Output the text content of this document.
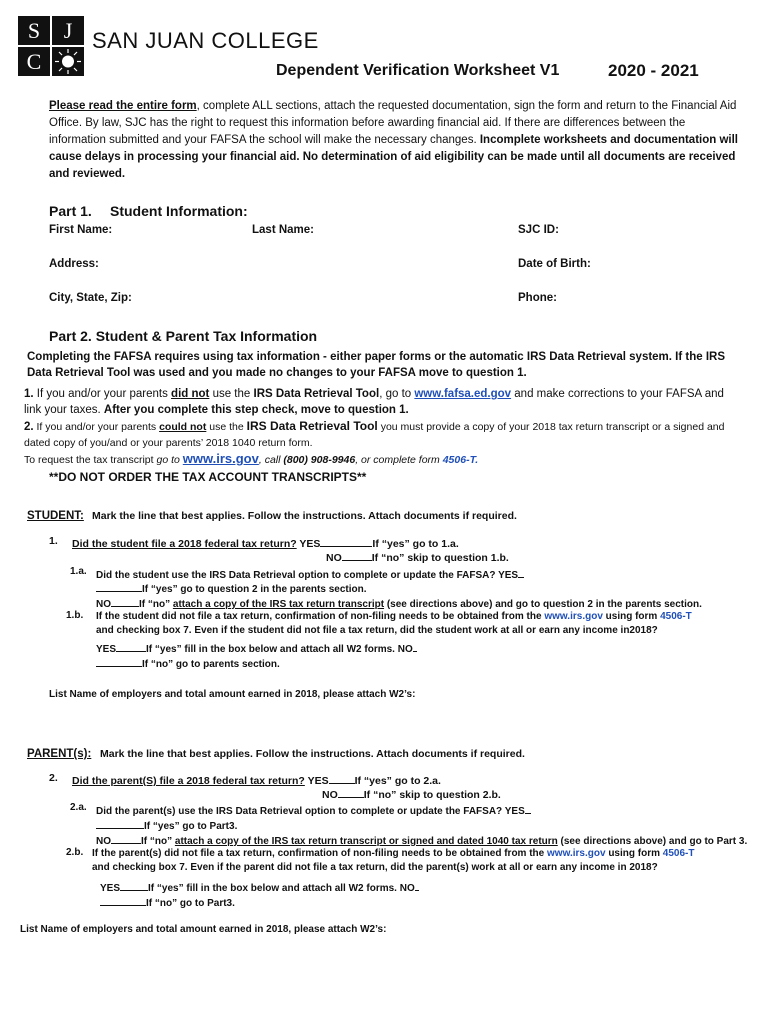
S	J
C
SAN JUAN COLLEGE
Dependent Verification Worksheet V1	2020 - 2021
Please read the entire form, complete ALL sections, attach the requested documentation, sign the form and return to the Financial Aid Office. By law, SJC has the right to request this information before awarding financial aid. If there are differences between the information submitted and your FAFSA the school will make the necessary changes. Incomplete worksheets and documentation will cause delays in processing your financial aid. No determination of aid eligibility can be made until all documents are received and reviewed.
Part 1. Student Information:
First Name:	Last Name:	SJC ID:
Address:	Date of Birth:
City, State, Zip:	Phone:
Part 2. Student & Parent Tax Information
Completing the FAFSA requires using tax information - either paper forms or the automatic IRS Data Retrieval system. If the IRS Data Retrieval Tool was used and you made no changes to your FAFSA move to question 1.
1. If you and/or your parents did not use the IRS Data Retrieval Tool, go to www.fafsa.ed.gov and make corrections to your FAFSA and link your taxes. After you complete this step check, move to question 1.
2. If you and/or your parents could not use the IRS Data Retrieval Tool you must provide a copy of your 2018 tax return transcript or a signed and dated copy of you/and or your parents’ 2018 1040 return form.
To request the tax transcript go to www.irs.gov, call (800) 908-9946, or complete form 4506-T.
**DO NOT ORDER THE TAX ACCOUNT TRANSCRIPTS**
STUDENT: Mark the line that best applies. Follow the instructions. Attach documents if required.
1. Did the student file a 2018 federal tax return? YES	If “yes” go to 1.a.
NO	If “no” skip to question 1.b.
1.a. Did the student use the IRS Data Retrieval option to complete or update the FAFSA? YES
If “yes” go to question 2 in the parents section.
NO	If “no” attach a copy of the IRS tax return transcript (see directions above) and go to question 2 in the parents section.
1.b. If the student did not file a tax return, confirmation of non-filing needs to be obtained from the www.irs.gov using form 4506-T and checking box 7. Even if the student did not file a tax return, did the student work at all or earn any income in2018?
YES	If “yes” fill in the box below and attach all W2 forms. NO
If “no” go to parents section.
List Name of employers and total amount earned in 2018, please attach W2’s:
PARENT(s): Mark the line that best applies. Follow the instructions. Attach documents if required.
2. Did the parent(S) file a 2018 federal tax return? YES If “yes” go to 2.a.
NO If “no” skip to question 2.b.
2.a. Did the parent(s) use the IRS Data Retrieval option to complete or update the FAFSA? YES
If “yes” go to Part3.
NO	If “no” attach a copy of the IRS tax return transcript or signed and dated 1040 tax return (see directions above) and go to Part 3.
2.b. If the parent(s) did not file a tax return, confirmation of non-filing needs to be obtained from the www.irs.gov using form 4506-T and checking box 7. Even if the parent did not file a tax return, did the parent(s) work at all or earn any income in 2018?
YES	If “yes” fill in the box below and attach all W2 forms. NO
If “no” go to Part3.
List Name of employers and total amount earned in 2018, please attach W2’s:
